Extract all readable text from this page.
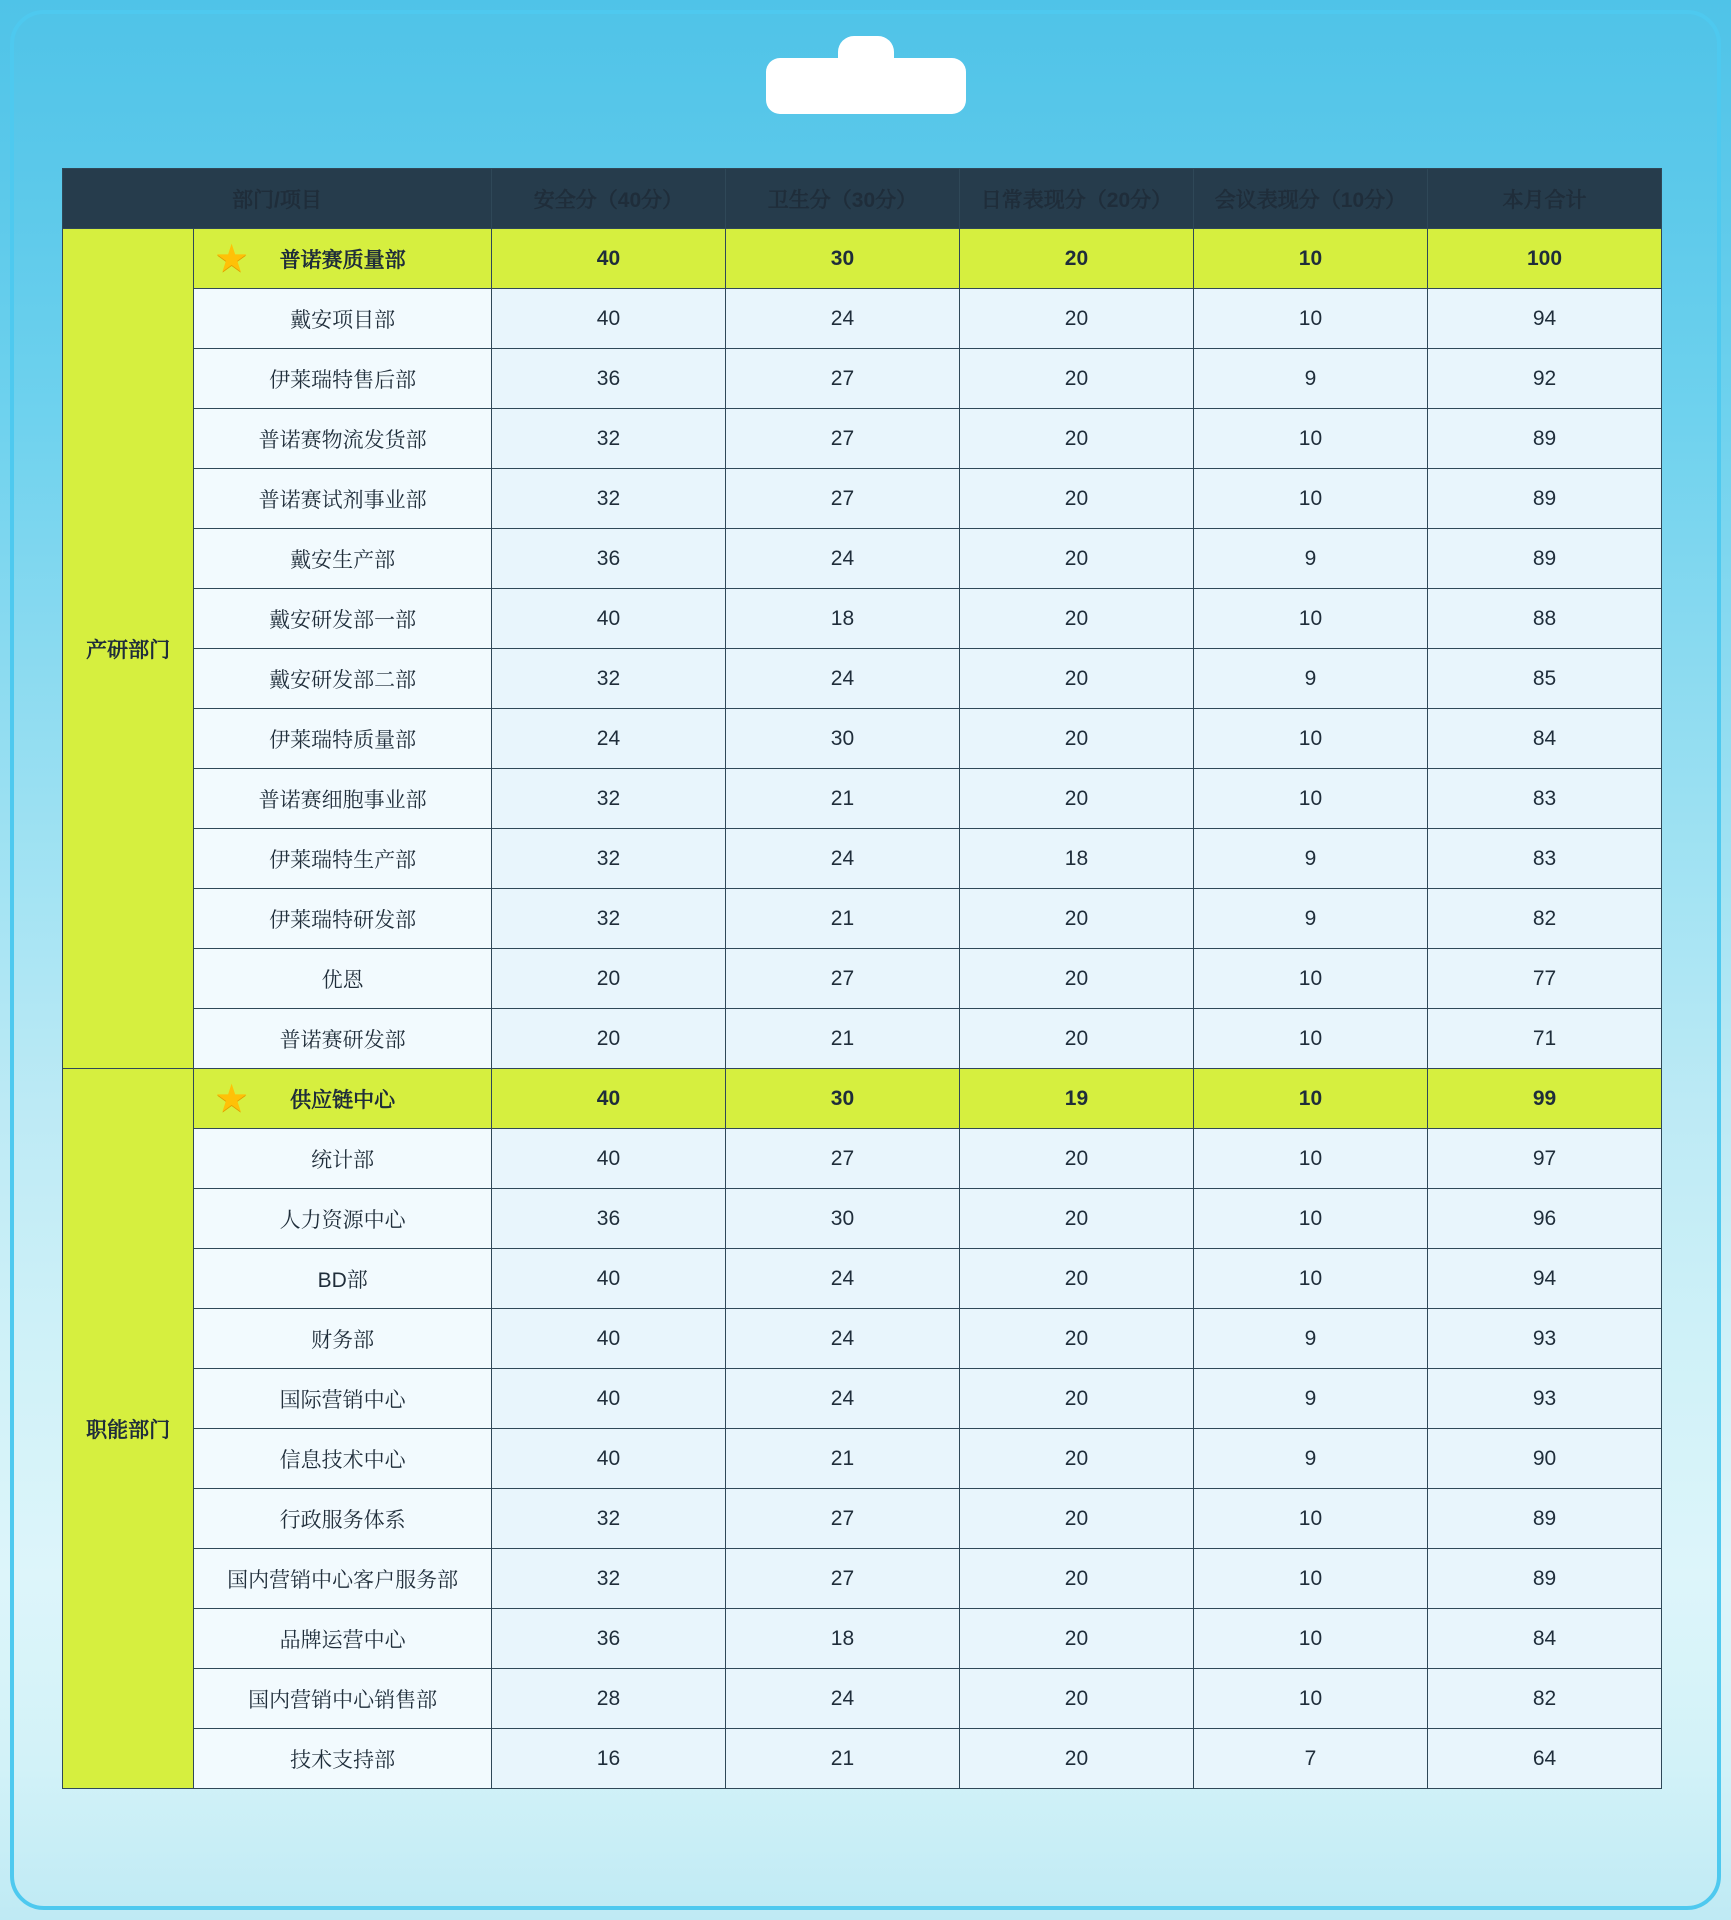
部门/项目		安全分（40分）	卫生分（30分）	日常表现分（20分）	会议表现分（10分）	本月合计
产研部门	★ 普诺赛质量部	40	30	20	10	100
	戴安项目部	40	24	20	10	94
	伊莱瑞特售后部	36	27	20	9	92
	普诺赛物流发货部	32	27	20	10	89
	普诺赛试剂事业部	32	27	20	10	89
	戴安生产部	36	24	20	9	89
	戴安研发部一部	40	18	20	10	88
	戴安研发部二部	32	24	20	9	85
	伊莱瑞特质量部	24	30	20	10	84
	普诺赛细胞事业部	32	21	20	10	83
	伊莱瑞特生产部	32	24	18	9	83
	伊莱瑞特研发部	32	21	20	9	82
	优恩	20	27	20	10	77
	普诺赛研发部	20	21	20	10	71
职能部门	★ 供应链中心	40	30	19	10	99
	统计部	40	27	20	10	97
	人力资源中心	36	30	20	10	96
	BD部	40	24	20	10	94
	财务部	40	24	20	9	93
	国际营销中心	40	24	20	9	93
	信息技术中心	40	21	20	9	90
	行政服务体系	32	27	20	10	89
	国内营销中心客户服务部	32	27	20	10	89
	品牌运营中心	36	18	20	10	84
	国内营销中心销售部	28	24	20	10	82
	技术支持部	16	21	20	7	64
